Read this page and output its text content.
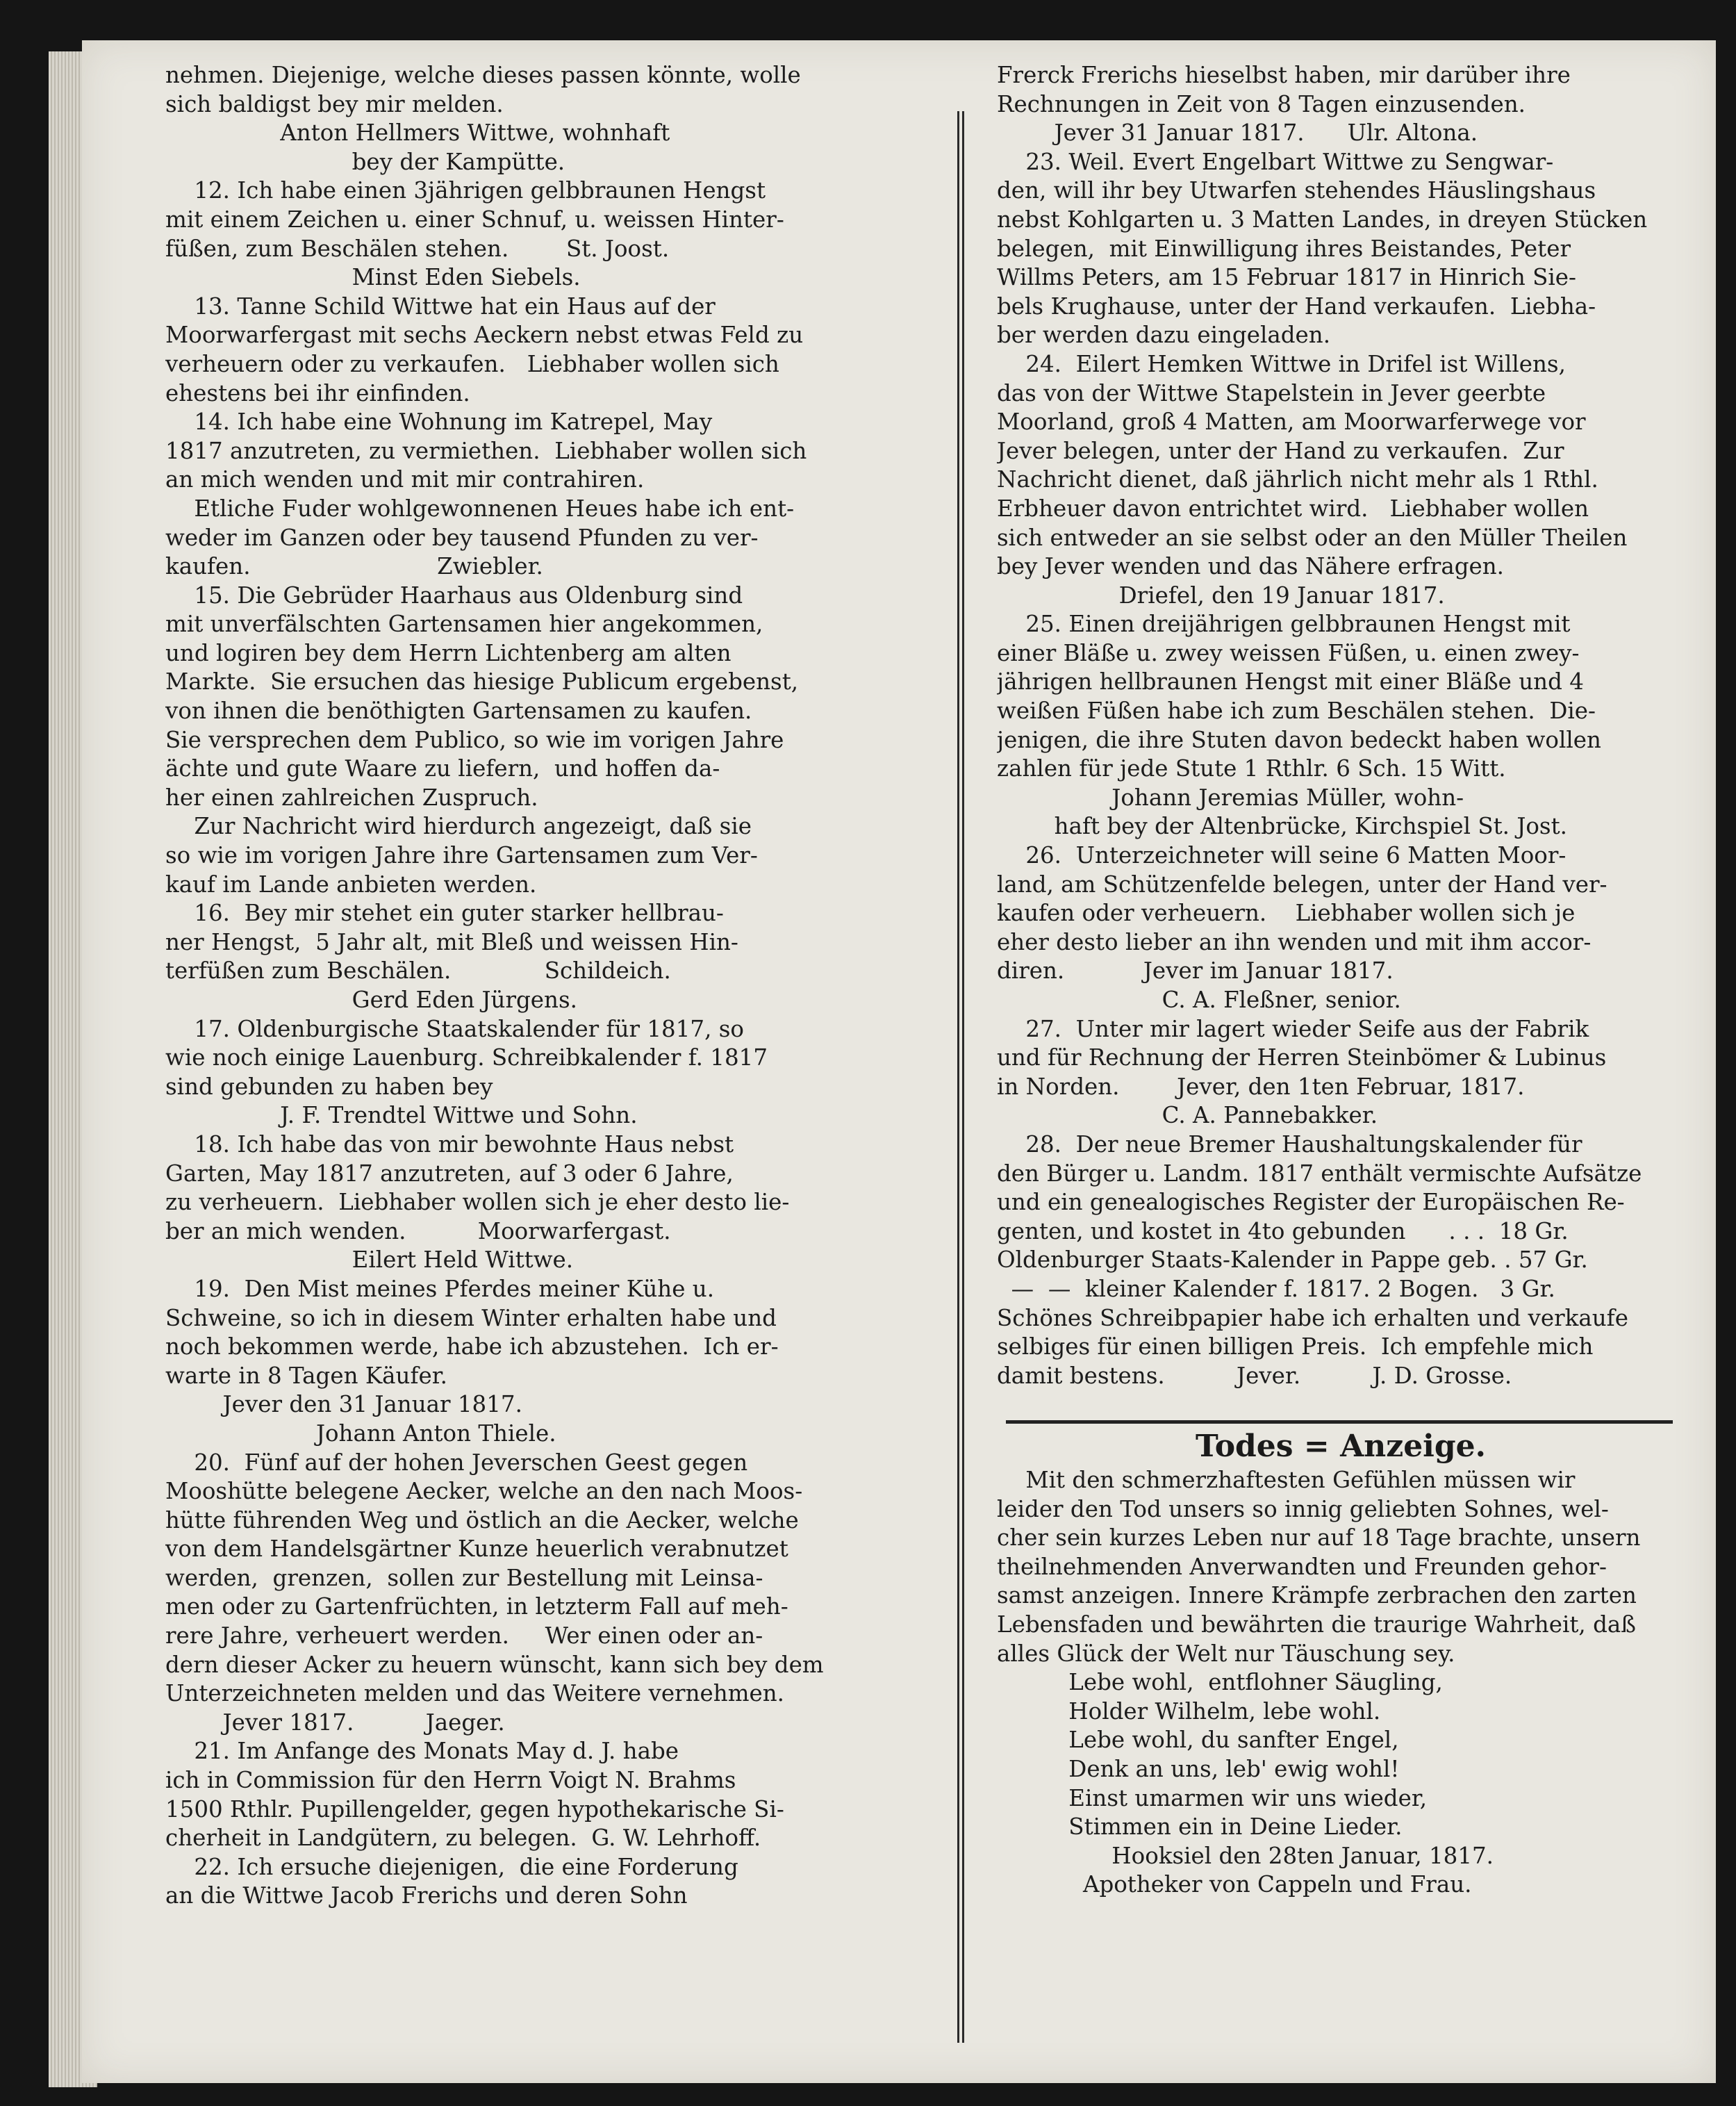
nehmen. Diejenige, welche dieses passen könnte, wolle
sich baldigst bey mir melden.
Anton Hellmers Wittwe, wohnhaft
bey der Kampütte.
12. Ich habe einen 3jährigen gelbbraunen Hengst
mit einem Zeichen u. einer Schnuf, u. weissen Hinter-
füßen, zum Beschälen stehen.        St. Joost.
Minst Eden Siebels.
13. Tanne Schild Wittwe hat ein Haus auf der
Moorwarfergast mit sechs Aeckern nebst etwas Feld zu
verheuern oder zu verkaufen.   Liebhaber wollen sich
ehestens bei ihr einfinden.
14. Ich habe eine Wohnung im Katrepel, May
1817 anzutreten, zu vermiethen.  Liebhaber wollen sich
an mich wenden und mit mir contrahiren.
Etliche Fuder wohlgewonnenen Heues habe ich ent-
weder im Ganzen oder bey tausend Pfunden zu ver-
kaufen.                          Zwiebler.
15. Die Gebrüder Haarhaus aus Oldenburg sind
mit unverfälschten Gartensamen hier angekommen,
und logiren bey dem Herrn Lichtenberg am alten
Markte.  Sie ersuchen das hiesige Publicum ergebenst,
von ihnen die benöthigten Gartensamen zu kaufen.
Sie versprechen dem Publico, so wie im vorigen Jahre
ächte und gute Waare zu liefern,  und hoffen da-
her einen zahlreichen Zuspruch.
Zur Nachricht wird hierdurch angezeigt, daß sie
so wie im vorigen Jahre ihre Gartensamen zum Ver-
kauf im Lande anbieten werden.
16.  Bey mir stehet ein guter starker hellbrau-
ner Hengst,  5 Jahr alt, mit Bleß und weissen Hin-
terfüßen zum Beschälen.             Schildeich.
Gerd Eden Jürgens.
17. Oldenburgische Staatskalender für 1817, so
wie noch einige Lauenburg. Schreibkalender f. 1817
sind gebunden zu haben bey
J. F. Trendtel Wittwe und Sohn.
18. Ich habe das von mir bewohnte Haus nebst
Garten, May 1817 anzutreten, auf 3 oder 6 Jahre,
zu verheuern.  Liebhaber wollen sich je eher desto lie-
ber an mich wenden.          Moorwarfergast.
Eilert Held Wittwe.
19.  Den Mist meines Pferdes meiner Kühe u.
Schweine, so ich in diesem Winter erhalten habe und
noch bekommen werde, habe ich abzustehen.  Ich er-
warte in 8 Tagen Käufer.
Jever den 31 Januar 1817.
Johann Anton Thiele.
20.  Fünf auf der hohen Jeverschen Geest gegen
Mooshütte belegene Aecker, welche an den nach Moos-
hütte führenden Weg und östlich an die Aecker, welche
von dem Handelsgärtner Kunze heuerlich verabnutzet
werden,  grenzen,  sollen zur Bestellung mit Leinsa-
men oder zu Gartenfrüchten, in letzterm Fall auf meh-
rere Jahre, verheuert werden.     Wer einen oder an-
dern dieser Acker zu heuern wünscht, kann sich bey dem
Unterzeichneten melden und das Weitere vernehmen.
Jever 1817.          Jaeger.
21. Im Anfange des Monats May d. J. habe
ich in Commission für den Herrn Voigt N. Brahms
1500 Rthlr. Pupillengelder, gegen hypothekarische Si-
cherheit in Landgütern, zu belegen.  G. W. Lehrhoff.
22. Ich ersuche diejenigen,  die eine Forderung
an die Wittwe Jacob Frerichs und deren Sohn
Frerck Frerichs hieselbst haben, mir darüber ihre
Rechnungen in Zeit von 8 Tagen einzusenden.
Jever 31 Januar 1817.      Ulr. Altona.
23. Weil. Evert Engelbart Wittwe zu Sengwar-
den, will ihr bey Utwarfen stehendes Häuslingshaus
nebst Kohlgarten u. 3 Matten Landes, in dreyen Stücken
belegen,  mit Einwilligung ihres Beistandes, Peter
Willms Peters, am 15 Februar 1817 in Hinrich Sie-
bels Krughause, unter der Hand verkaufen.  Liebha-
ber werden dazu eingeladen.
24.  Eilert Hemken Wittwe in Drifel ist Willens,
das von der Wittwe Stapelstein in Jever geerbte
Moorland, groß 4 Matten, am Moorwarferwege vor
Jever belegen, unter der Hand zu verkaufen.  Zur
Nachricht dienet, daß jährlich nicht mehr als 1 Rthl.
Erbheuer davon entrichtet wird.   Liebhaber wollen
sich entweder an sie selbst oder an den Müller Theilen
bey Jever wenden und das Nähere erfragen.
Driefel, den 19 Januar 1817.
25. Einen dreijährigen gelbbraunen Hengst mit
einer Bläße u. zwey weissen Füßen, u. einen zwey-
jährigen hellbraunen Hengst mit einer Bläße und 4
weißen Füßen habe ich zum Beschälen stehen.  Die-
jenigen, die ihre Stuten davon bedeckt haben wollen
zahlen für jede Stute 1 Rthlr. 6 Sch. 15 Witt.
Johann Jeremias Müller, wohn-
haft bey der Altenbrücke, Kirchspiel St. Jost.
26.  Unterzeichneter will seine 6 Matten Moor-
land, am Schützenfelde belegen, unter der Hand ver-
kaufen oder verheuern.    Liebhaber wollen sich je
eher desto lieber an ihn wenden und mit ihm accor-
diren.           Jever im Januar 1817.
C. A. Fleßner, senior.
27.  Unter mir lagert wieder Seife aus der Fabrik
und für Rechnung der Herren Steinbömer & Lubinus
in Norden.        Jever, den 1ten Februar, 1817.
C. A. Pannebakker.
28.  Der neue Bremer Haushaltungskalender für
den Bürger u. Landm. 1817 enthält vermischte Aufsätze
und ein genealogisches Register der Europäischen Re-
genten, und kostet in 4to gebunden      . . .  18 Gr.
Oldenburger Staats-Kalender in Pappe geb. . 57 Gr.
—  —  kleiner Kalender f. 1817. 2 Bogen.   3 Gr.
Schönes Schreibpapier habe ich erhalten und verkaufe
selbiges für einen billigen Preis.  Ich empfehle mich
damit bestens.          Jever.          J. D. Grosse.
Todes = Anzeige.
Mit den schmerzhaftesten Gefühlen müssen wir
leider den Tod unsers so innig geliebten Sohnes, wel-
cher sein kurzes Leben nur auf 18 Tage brachte, unsern
theilnehmenden Anverwandten und Freunden gehor-
samst anzeigen. Innere Krämpfe zerbrachen den zarten
Lebensfaden und bewährten die traurige Wahrheit, daß
alles Glück der Welt nur Täuschung sey.
Lebe wohl,  entflohner Säugling,
Holder Wilhelm, lebe wohl.
Lebe wohl, du sanfter Engel,
Denk an uns, leb' ewig wohl!
Einst umarmen wir uns wieder,
Stimmen ein in Deine Lieder.
Hooksiel den 28ten Januar, 1817.
Apotheker von Cappeln und Frau.
